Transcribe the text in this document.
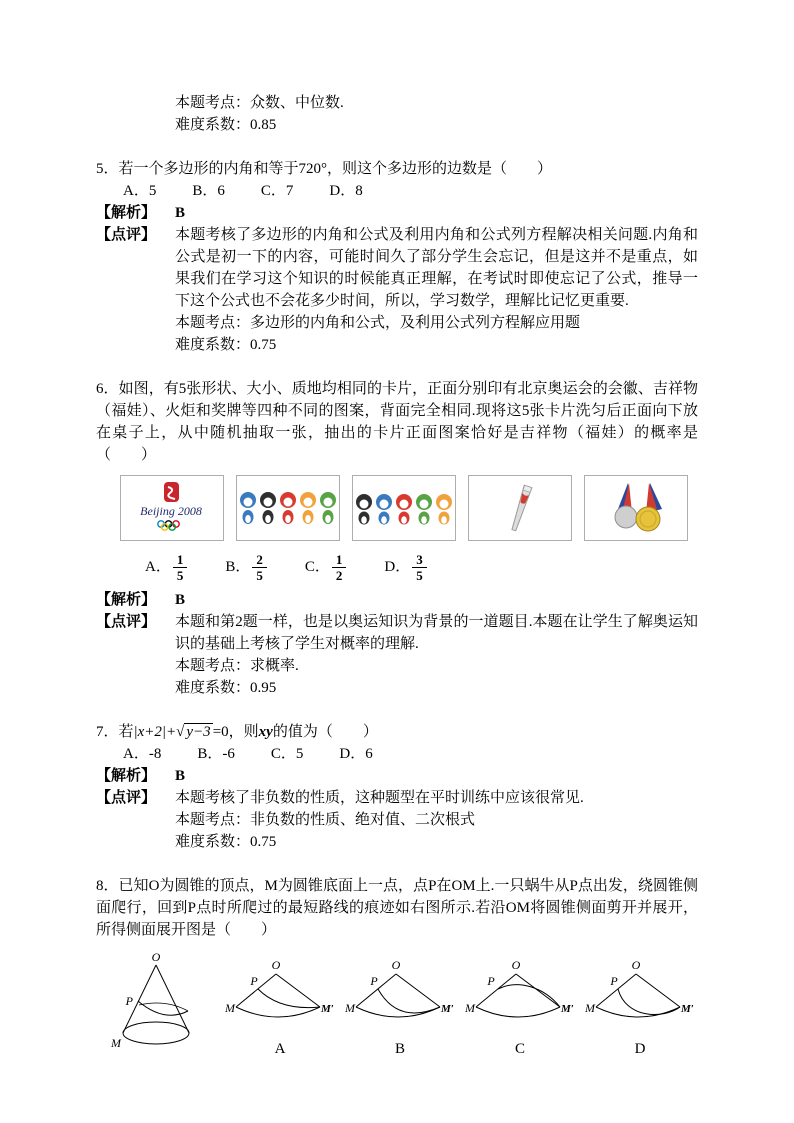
本题考点：众数、中位数.
难度系数：0.85
5．若一个多边形的内角和等于720°，则这个多边形的边数是（　　）
A．5 B．6 C．7 D．8
【解析】	B
【点评】	本题考核了多边形的内角和公式及利用内角和公式列方程解决相关问题.内角和公式是初一下的内容，可能时间久了部分学生会忘记，但是这并不是重点，如果我们在学习这个知识的时候能真正理解，在考试时即使忘记了公式，推导一下这个公式也不会花多少时间，所以，学习数学，理解比记忆更重要.
本题考点：多边形的内角和公式，及利用公式列方程解应用题
难度系数：0.75
6．如图，有5张形状、大小、质地均相同的卡片，正面分别印有北京奥运会的会徽、吉祥物（福娃）、火炬和奖牌等四种不同的图案，背面完全相同.现将这5张卡片洗匀后正面向下放在桌子上，从中随机抽取一张，抽出的卡片正面图案恰好是吉祥物（福娃）的概率是（　　）
Beijing 2008
A． $\frac{1}{5}$	B． $\frac{2}{5}$	C． $\frac{1}{2}$	D． $\frac{3}{5}$
【解析】	B
【点评】	本题和第2题一样，也是以奥运知识为背景的一道题目.本题在让学生了解奥运知识的基础上考核了学生对概率的理解.
本题考点：求概率.
难度系数：0.95
7．若|x+2|+√ y−3 =0，则xy的值为（　　）
A．-8 B．-6 C．5 D．6
【解析】	B
【点评】	本题考核了非负数的性质，这种题型在平时训练中应该很常见.
本题考点：非负数的性质、绝对值、二次根式
难度系数：0.75
8．已知O为圆锥的顶点，M为圆锥底面上一点，点P在OM上.一只蜗牛从P点出发，绕圆锥侧面爬行，回到P点时所爬过的最短路线的痕迹如右图所示.若沿OM将圆锥侧面剪开并展开，所得侧面展开图是（　　）
O
P
M
O
P
M	M′
A
O
P
M	M′
B
O
P
M	M′
C
O
P
M	M′
D
